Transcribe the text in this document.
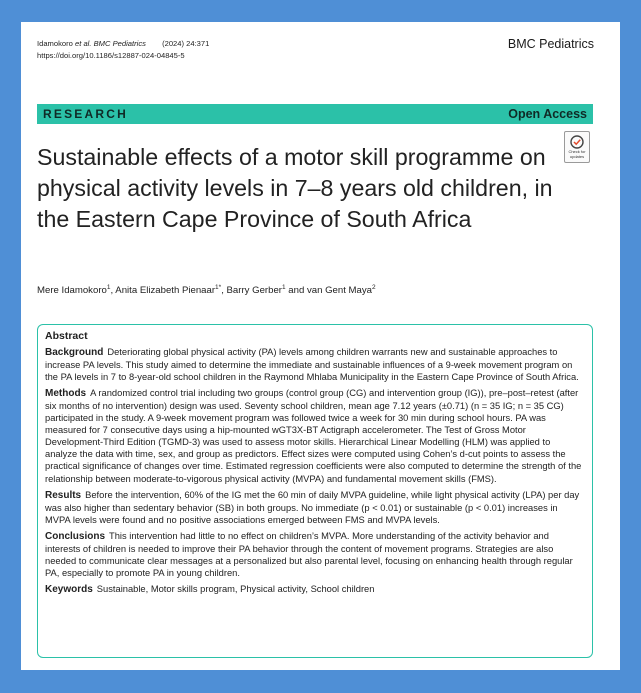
Idamokoro et al. BMC Pediatrics (2024) 24:371
https://doi.org/10.1186/s12887-024-04845-5
BMC Pediatrics
RESEARCH	Open Access
Check for
updates
Sustainable effects of a motor skill programme on physical activity levels in 7–8 years old children, in the Eastern Cape Province of South Africa
Mere Idamokoro$^1$, Anita Elizabeth Pienaar$^{1*}$, Barry Gerber$^1$ and van Gent Maya$^2$
Abstract

Background Deteriorating global physical activity (PA) levels among children warrants new and sustainable approaches to increase PA levels. This study aimed to determine the immediate and sustainable influences of a 9-week movement program on the PA levels in 7 to 8-year-old school children in the Raymond Mhlaba Municipality in the Eastern Cape Province of South Africa.

Methods A randomized control trial including two groups (control group (CG) and intervention group (IG)), pre–post–retest (after six months of no intervention) design was used. Seventy school children, mean age 7.12 years (±0.71) (n = 35 IG; n = 35 CG) participated in the study. A 9-week movement program was followed twice a week for 30 min during school hours. PA was measured for 7 consecutive days using a hip-mounted wGT3X-BT Actigraph accelerometer. The Test of Gross Motor Development-Third Edition (TGMD-3) was used to assess motor skills. Hierarchical Linear Modelling (HLM) was applied to analyze the data with time, sex, and group as predictors. Effect sizes were computed using Cohen’s d-cut points to assess the practical significance of changes over time. Estimated regression coefficients were also computed to determine the strength of the relationship between moderate-to-vigorous physical activity (MVPA) and fundamental movement skills (FMS).

Results Before the intervention, 60% of the IG met the 60 min of daily MVPA guideline, while light physical activity (LPA) per day was also higher than sedentary behavior (SB) in both groups. No immediate (p < 0.01) or sustainable (p < 0.01) increases in MVPA levels were found and no positive associations emerged between FMS and MVPA levels.

Conclusions This intervention had little to no effect on children’s MVPA. More understanding of the activity behavior and interests of children is needed to improve their PA behavior through the content of movement programs. Strategies are also needed to communicate clear messages at a personalized but also parental level, focusing on enhancing health through regular PA, especially to promote PA in young children.

Keywords Sustainable, Motor skills program, Physical activity, School children
